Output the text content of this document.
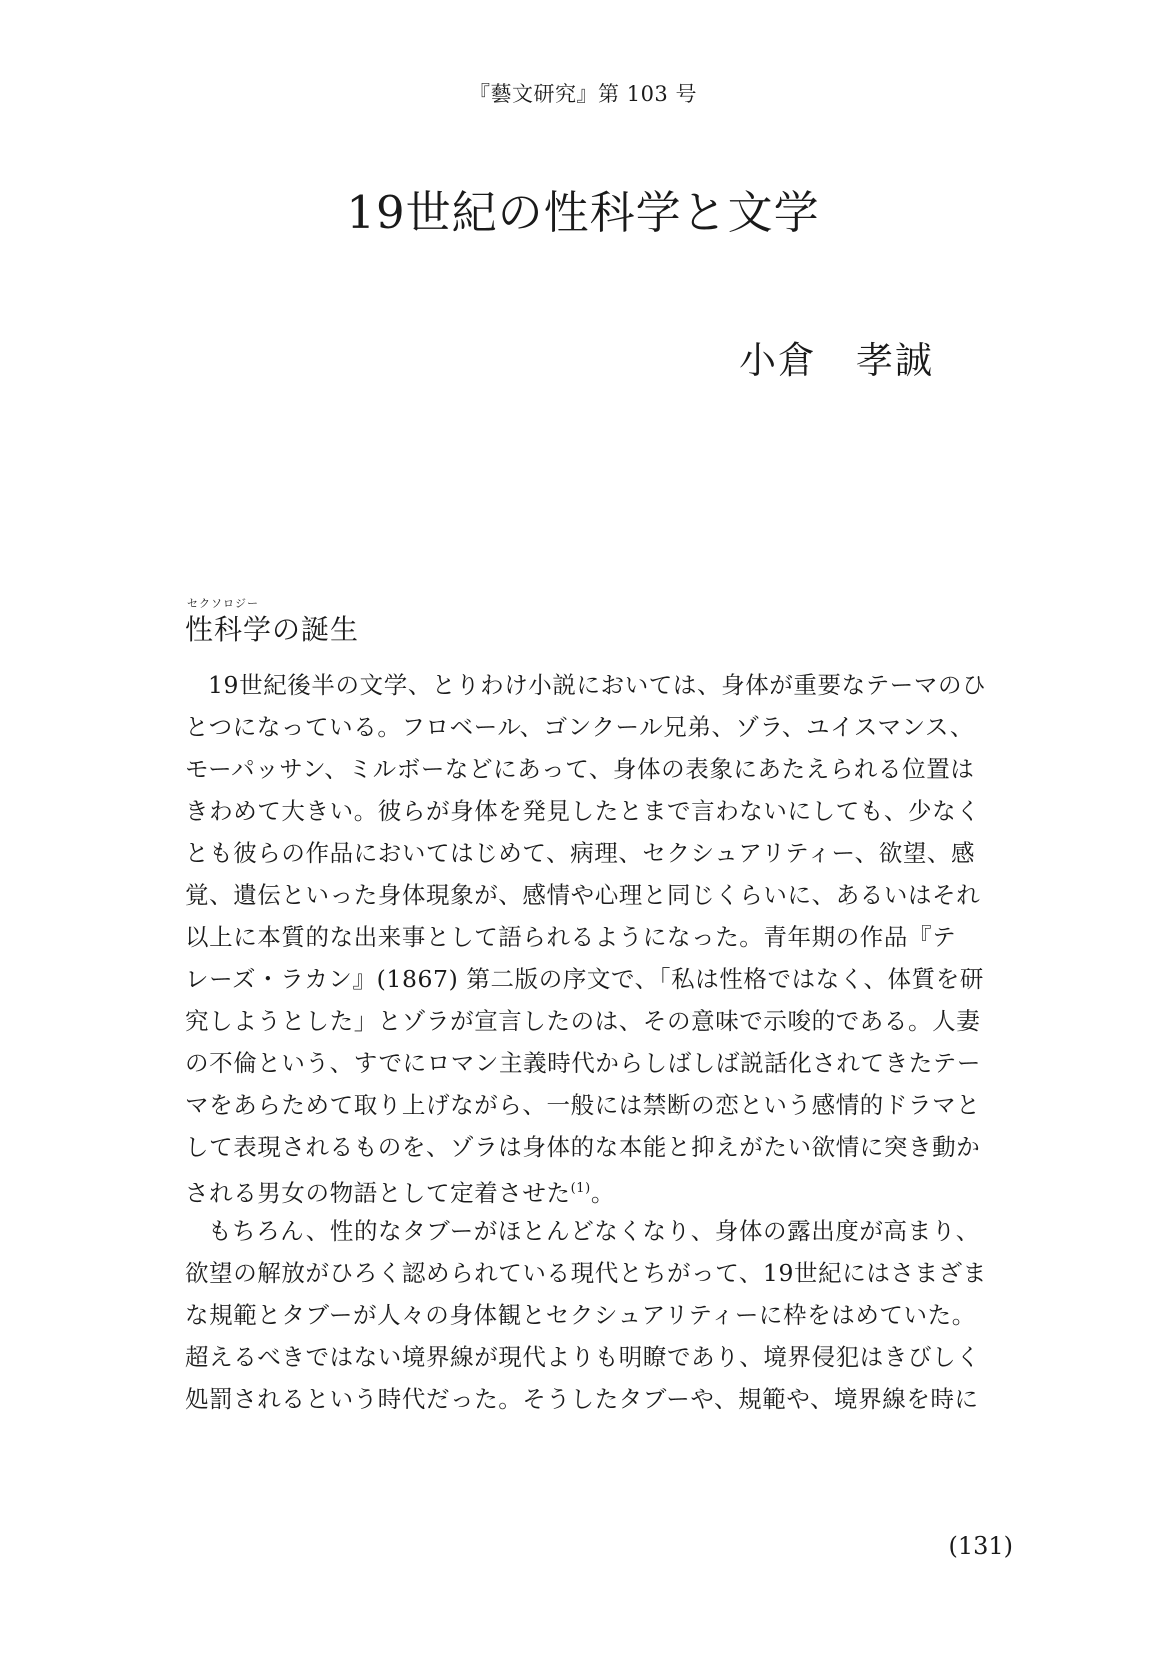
『藝文研究』第 103 号
19世紀の性科学と文学
小倉　孝誠
セクソロジー
性科学の誕生
19世紀後半の文学、とりわけ小説においては、身体が重要なテーマのひ
とつになっている。フロベール、ゴンクール兄弟、ゾラ、ユイスマンス、
モーパッサン、ミルボーなどにあって、身体の表象にあたえられる位置は
きわめて大きい。彼らが身体を発見したとまで言わないにしても、少なく
とも彼らの作品においてはじめて、病理、セクシュアリティー、欲望、感
覚、遺伝といった身体現象が、感情や心理と同じくらいに、あるいはそれ
以上に本質的な出来事として語られるようになった。青年期の作品『テ
レーズ・ラカン』(1867) 第二版の序文で、「私は性格ではなく、体質を研
究しようとした」とゾラが宣言したのは、その意味で示唆的である。人妻
の不倫という、すでにロマン主義時代からしばしば説話化されてきたテー
マをあらためて取り上げながら、一般には禁断の恋という感情的ドラマと
して表現されるものを、ゾラは身体的な本能と抑えがたい欲情に突き動か
される男女の物語として定着させた$^{(1)}$。
もちろん、性的なタブーがほとんどなくなり、身体の露出度が高まり、
欲望の解放がひろく認められている現代とちがって、19世紀にはさまざま
な規範とタブーが人々の身体観とセクシュアリティーに枠をはめていた。
超えるべきではない境界線が現代よりも明瞭であり、境界侵犯はきびしく
処罰されるという時代だった。そうしたタブーや、規範や、境界線を時に
(131)
